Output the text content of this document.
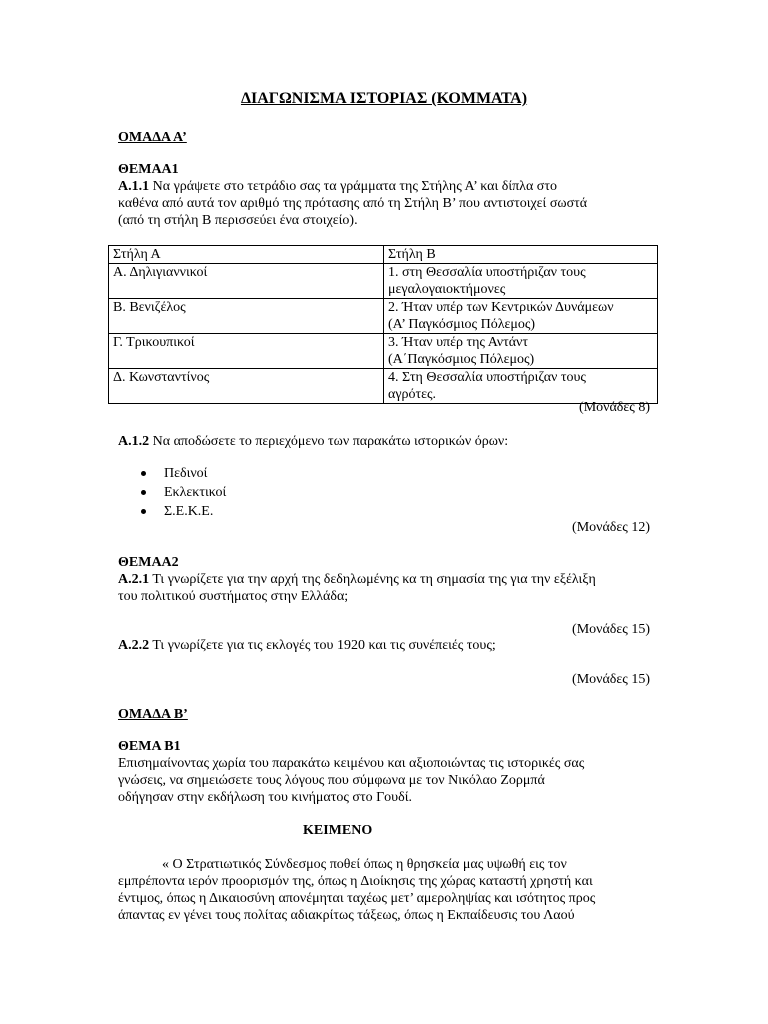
ΔΙΑΓΩΝΙΣΜΑ ΙΣΤΟΡΙΑΣ (ΚΟΜΜΑΤΑ)
ΟΜΑΔΑ Α’
ΘΕΜΑΑ1
Α.1.1 Να γράψετε στο τετράδιο σας τα γράμματα της Στήλης Α’ και δίπλα στο
καθένα από αυτά τον αριθμό της πρότασης από τη Στήλη Β’ που αντιστοιχεί σωστά
(από τη στήλη Β περισσεύει ένα στοιχείο).
Στήλη Α	Στήλη Β
Α. Δηλιγιαννικοί	1. στη Θεσσαλία υποστήριζαν τους
μεγαλογαιοκτήμονες

Β. Βενιζέλος	2. Ήταν υπέρ των Κεντρικών Δυνάμεων
(Α’ Παγκόσμιος Πόλεμος)

Γ. Τρικουπικοί	3. Ήταν υπέρ της Αντάντ
(Α΄Παγκόσμιος Πόλεμος)

Δ. Κωνσταντίνος	4. Στη Θεσσαλία υποστήριζαν τους
αγρότες.
(Μονάδες 8)
Α.1.2 Να αποδώσετε το περιεχόμενο των παρακάτω ιστορικών όρων:
Πεδινοί
Εκλεκτικοί
Σ.Ε.Κ.Ε.
(Μονάδες 12)
ΘΕΜΑΑ2
Α.2.1 Τι γνωρίζετε για την αρχή της δεδηλωμένης κα τη σημασία της για την εξέλιξη
του πολιτικού συστήματος στην Ελλάδα;
(Μονάδες 15)
Α.2.2 Τι γνωρίζετε για τις εκλογές του 1920 και τις συνέπειές τους;
(Μονάδες 15)
ΟΜΑΔΑ Β’
ΘΕΜΑ Β1
Επισημαίνοντας χωρία του παρακάτω κειμένου και αξιοποιώντας τις ιστορικές σας
γνώσεις, να σημειώσετε τους λόγους που σύμφωνα με τον Νικόλαο Ζορμπά
οδήγησαν στην εκδήλωση του κινήματος στο Γουδί.
ΚΕΙΜΕΝΟ
« Ο Στρατιωτικός Σύνδεσμος ποθεί όπως η θρησκεία μας υψωθή εις τον
εμπρέποντα ιερόν προορισμόν της, όπως η Διοίκησις της χώρας καταστή χρηστή και
έντιμος, όπως η Δικαιοσύνη απονέμηται ταχέως μετ’ αμεροληψίας και ισότητος προς
άπαντας εν γένει τους πολίτας αδιακρίτως τάξεως, όπως η Εκπαίδευσις του Λαού
